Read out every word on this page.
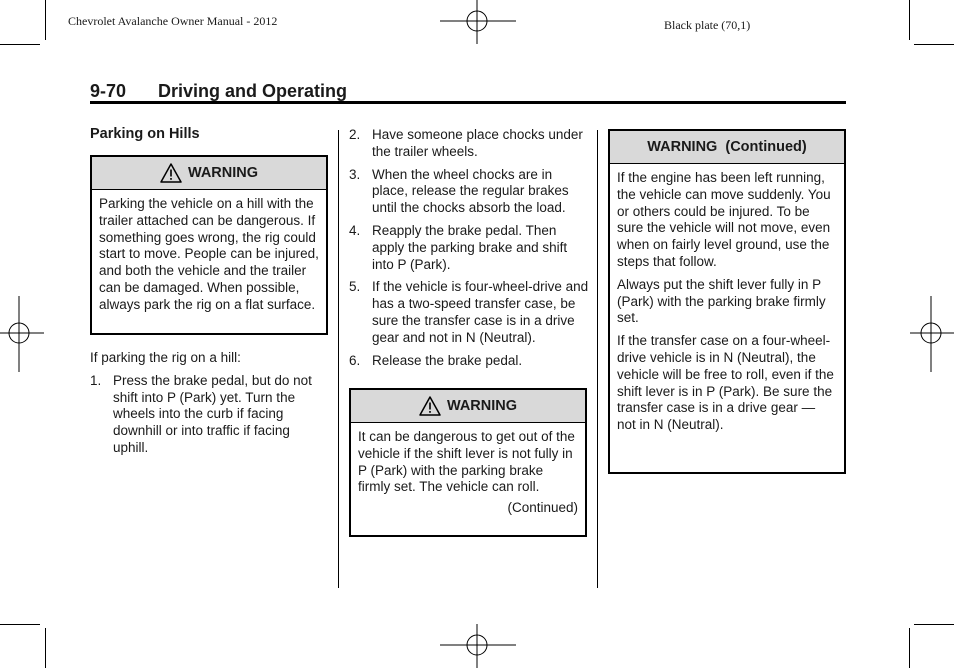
Chevrolet Avalanche Owner Manual - 2012	Black plate (70,1)
9-70 Driving and Operating
Parking on Hills
WARNING

Parking the vehicle on a hill with the trailer attached can be dangerous. If something goes wrong, the rig could start to move. People can be injured, and both the vehicle and the trailer can be damaged. When possible, always park the rig on a flat surface.

If parking the rig on a hill:

1. Press the brake pedal, but do not shift into P (Park) yet. Turn the wheels into the curb if facing downhill or into traffic if facing uphill.
2. Have someone place chocks under the trailer wheels.
3. When the wheel chocks are in place, release the regular brakes until the chocks absorb the load.
4. Reapply the brake pedal. Then apply the parking brake and shift into P (Park).
5. If the vehicle is four-wheel-drive and has a two-speed transfer case, be sure the transfer case is in a drive gear and not in N (Neutral).
6. Release the brake pedal.
WARNING

It can be dangerous to get out of the vehicle if the shift lever is not fully in P (Park) with the parking brake firmly set. The vehicle can roll.

(Continued)
WARNING  (Continued)

If the engine has been left running, the vehicle can move suddenly. You or others could be injured. To be sure the vehicle will not move, even when on fairly level ground, use the steps that follow.

Always put the shift lever fully in P (Park) with the parking brake firmly set.

If the transfer case on a four-wheel-drive vehicle is in N (Neutral), the vehicle will be free to roll, even if the shift lever is in P (Park). Be sure the transfer case is in a drive gear — not in N (Neutral).
